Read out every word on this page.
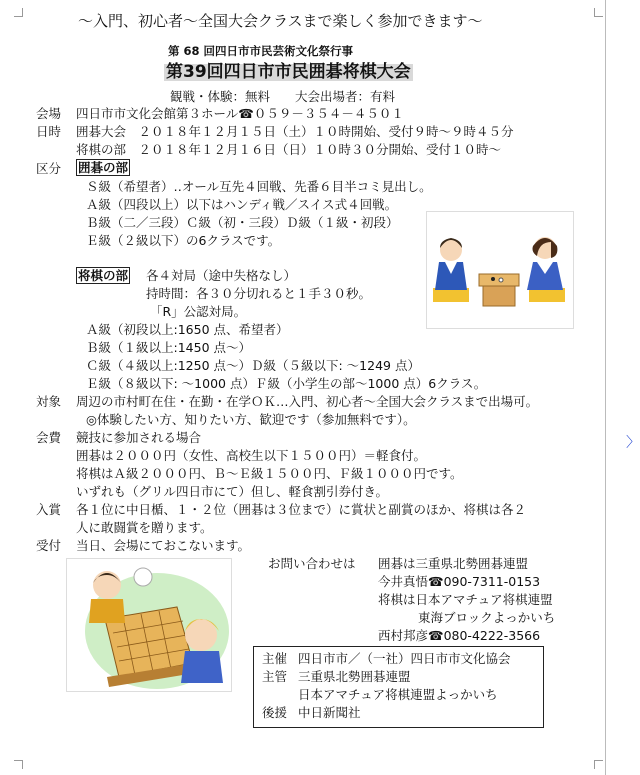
〜入門、初心者〜全国大会クラスまで楽しく参加できます〜
第 68 回四日市市民芸術文化祭行事
第39回四日市市民囲碁将棋大会
観戦・体験：無料　　大会出場者：有料
会場 四日市市文化会館第３ホール☎０５９－３５４－４５０１
日時 囲碁大会　２０１８年１２月１５日（土）１０時開始、受付９時〜９時４５分
将棋の部　２０１８年１２月１６日（日）１０時３０分開始、受付１０時〜
区分 囲碁の部
Ｓ級（希望者）‥オール互先４回戦、先番６目半コミ見出し。
Ａ級（四段以上）以下はハンディ戦／スイス式４回戦。
Ｂ級（二／三段）Ｃ級（初・三段）Ｄ級（１級・初段）
Ｅ級（２級以下）の6クラスです。
将棋の部 各４対局（途中失格なし）
持時間：各３０分切れると１手３０秒。
「R」公認対局。
Ａ級（初段以上:1650 点、希望者）
Ｂ級（１級以上:1450 点〜）
Ｃ級（４級以上:1250 点〜）Ｄ級（５級以下: 〜1249 点）
Ｅ級（８級以下: 〜1000 点）Ｆ級（小学生の部〜1000 点）6クラス。
対象 周辺の市村町在住・在勤・在学ＯＫ…入門、初心者〜全国大会クラスまで出場可。
◎体験したい方、知りたい方、歓迎です（参加無料です）。
会費 競技に参加される場合
囲碁は２０００円（女性、高校生以下１５００円）＝軽食付。
将棋はＡ級２０００円、Ｂ〜Ｅ級１５００円、Ｆ級１０００円です。
いずれも（グリル四日市にて）但し、軽食割引券付き。
入賞 各１位に中日楯、１・２位（囲碁は３位まで）に賞状と副賞のほか、将棋は各２
人に敢闘賞を贈ります。
受付 当日、会場にておこないます。
お問い合わせは 囲碁は三重県北勢囲碁連盟
今井真悟☎090-7311-0153
将棋は日本アマチュア将棋連盟
東海ブロックよっかいち
西村邦彦☎080-4222-3566
主催 四日市市／（一社）四日市市文化協会
主管 三重県北勢囲碁連盟
日本アマチュア将棋連盟よっかいち
後援 中日新聞社
〉
